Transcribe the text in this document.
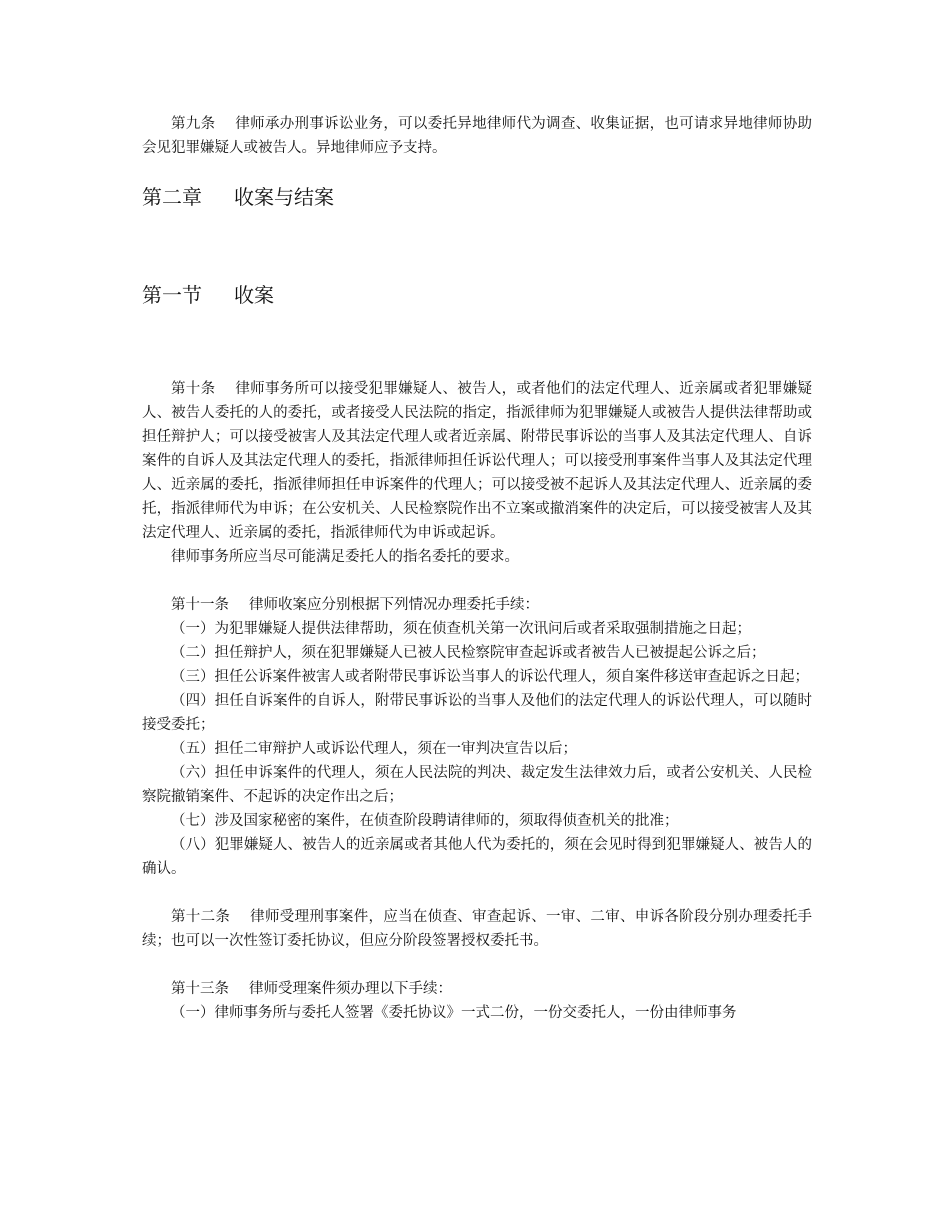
第九条 律师承办刑事诉讼业务，可以委托异地律师代为调查、收集证据，也可请求异地律师协助会见犯罪嫌疑人或被告人。异地律师应予支持。

第二章 收案与结案
第一节 收案

第十条 律师事务所可以接受犯罪嫌疑人、被告人，或者他们的法定代理人、近亲属或者犯罪嫌疑人、被告人委托的人的委托，或者接受人民法院的指定，指派律师为犯罪嫌疑人或被告人提供法律帮助或担任辩护人；可以接受被害人及其法定代理人或者近亲属、附带民事诉讼的当事人及其法定代理人、自诉案件的自诉人及其法定代理人的委托，指派律师担任诉讼代理人；可以接受刑事案件当事人及其法定代理人、近亲属的委托，指派律师担任申诉案件的代理人；可以接受被不起诉人及其法定代理人、近亲属的委托，指派律师代为申诉；在公安机关、人民检察院作出不立案或撤消案件的决定后，可以接受被害人及其法定代理人、近亲属的委托，指派律师代为申诉或起诉。

律师事务所应当尽可能满足委托人的指名委托的要求。

第十一条 律师收案应分别根据下列情况办理委托手续：

（一）为犯罪嫌疑人提供法律帮助，须在侦查机关第一次讯问后或者采取强制措施之日起；

（二）担任辩护人，须在犯罪嫌疑人已被人民检察院审查起诉或者被告人已被提起公诉之后；

（三）担任公诉案件被害人或者附带民事诉讼当事人的诉讼代理人，须自案件移送审查起诉之日起；

（四）担任自诉案件的自诉人，附带民事诉讼的当事人及他们的法定代理人的诉讼代理人，可以随时接受委托；

（五）担任二审辩护人或诉讼代理人，须在一审判决宣告以后；

（六）担任申诉案件的代理人，须在人民法院的判决、裁定发生法律效力后，或者公安机关、人民检察院撤销案件、不起诉的决定作出之后；

（七）涉及国家秘密的案件，在侦查阶段聘请律师的，须取得侦查机关的批准；

（八）犯罪嫌疑人、被告人的近亲属或者其他人代为委托的，须在会见时得到犯罪嫌疑人、被告人的确认。

第十二条 律师受理刑事案件，应当在侦查、审查起诉、一审、二审、申诉各阶段分别办理委托手续；也可以一次性签订委托协议，但应分阶段签署授权委托书。

第十三条 律师受理案件须办理以下手续：

（一）律师事务所与委托人签署《委托协议》一式二份，一份交委托人，一份由律师事务
